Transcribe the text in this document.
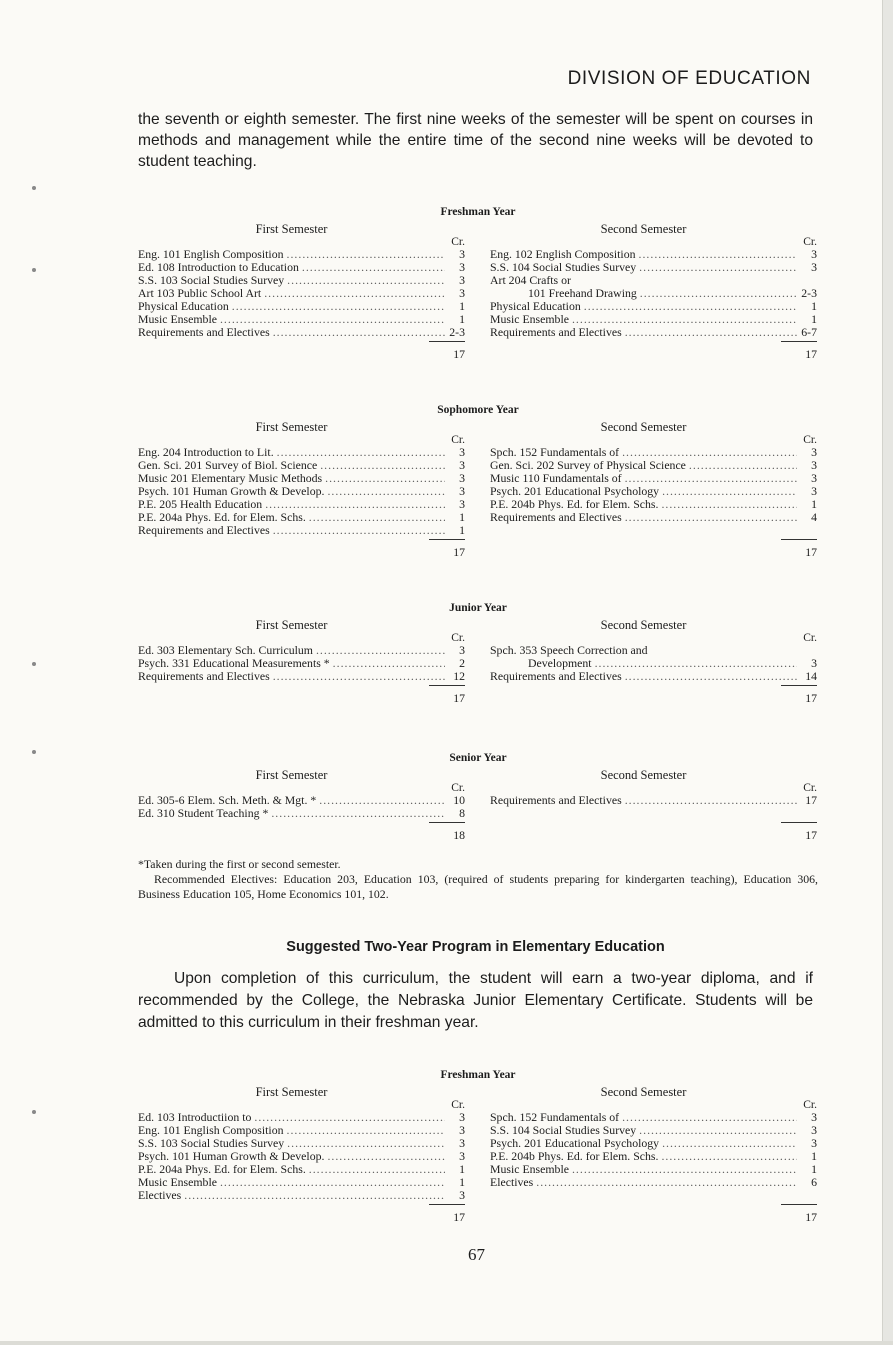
DIVISION OF EDUCATION
the seventh or eighth semester. The first nine weeks of the semester will be spent on courses in methods and management while the entire time of the second nine weeks will be devoted to student teaching.
Freshman Year
First Semester
Cr.
Eng. 101 English Composition .....	3
Ed. 108 Introduction to Education .....	3
S.S. 103 Social Studies Survey .....	3
Art 103 Public School Art .....	3
Physical Education .....	1
Music Ensemble .....	1
Requirements and Electives .....	2-3
17
Second Semester
Cr.
Eng. 102 English Composition .....	3
S.S. 104 Social Studies Survey .....	3
Art 204 Crafts or
101 Freehand Drawing .....	2-3
Physical Education .....	1
Music Ensemble .....	1
Requirements and Electives .....	6-7
17
Sophomore Year
First Semester
Cr.
Eng. 204 Introduction to Lit. .....	3
Gen. Sci. 201 Survey of Biol. Science .....	3
Music 201 Elementary Music Methods .....	3
Psych. 101 Human Growth & Develop. .....	3
P.E. 205 Health Education .....	3
P.E. 204a Phys. Ed. for Elem. Schs. .....	1
Requirements and Electives .....	1
17
Second Semester
Cr.
Spch. 152 Fundamentals of .....	3
Gen. Sci. 202 Survey of Physical Science .....	3
Music 110 Fundamentals of .....	3
Psych. 201 Educational Psychology .....	3
P.E. 204b Phys. Ed. for Elem. Schs. .....	1
Requirements and Electives .....	4
17
Junior Year
First Semester
Cr.
Ed. 303 Elementary Sch. Curriculum .....	3
Psych. 331 Educational Measurements * .....	2
Requirements and Electives .....	12
17
Second Semester
Cr.
Spch. 353 Speech Correction and
Development .....	3
Requirements and Electives .....	14
17
Senior Year
First Semester
Cr.
Ed. 305-6 Elem. Sch. Meth. & Mgt. * .....	10
Ed. 310 Student Teaching * .....	8
18
Second Semester
Cr.
Requirements and Electives .....	17
17
*Taken during the first or second semester.
Recommended Electives: Education 203, Education 103, (required of students preparing for kindergarten teaching), Education 306, Business Education 105, Home Economics 101, 102.
Suggested Two-Year Program in Elementary Education
Upon completion of this curriculum, the student will earn a two-year diploma, and if recommended by the College, the Nebraska Junior Elementary Certificate. Students will be admitted to this curriculum in their freshman year.
Freshman Year
First Semester
Cr.
Ed. 103 Introductiion to .....	3
Eng. 101 English Composition .....	3
S.S. 103 Social Studies Survey .....	3
Psych. 101 Human Growth & Develop. .....	3
P.E. 204a Phys. Ed. for Elem. Schs. .....	1
Music Ensemble .....	1
Electives .....	3
17
Second Semester
Cr.
Spch. 152 Fundamentals of .....	3
S.S. 104 Social Studies Survey .....	3
Psych. 201 Educational Psychology .....	3
P.E. 204b Phys. Ed. for Elem. Schs. .....	1
Music Ensemble .....	1
Electives .....	6
17
67
